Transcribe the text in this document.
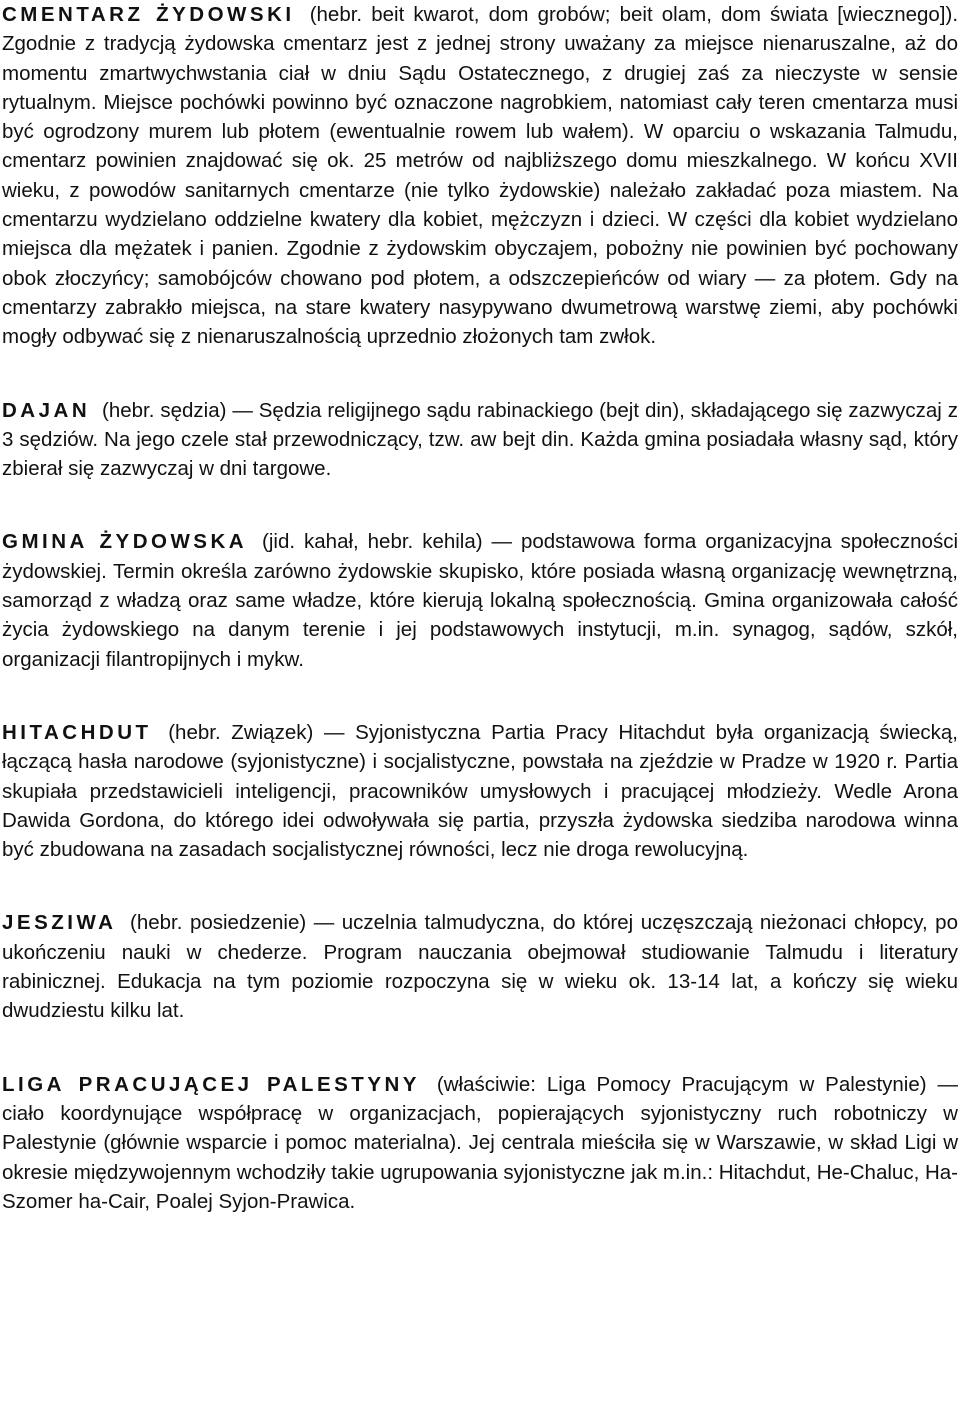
CMENTARZ ŻYDOWSKI (hebr. beit kwarot, dom grobów; beit olam, dom świata [wiecznego]). Zgodnie z tradycją żydowska cmentarz jest z jednej strony uważany za miejsce nienaruszalne, aż do momentu zmartwychwstania ciał w dniu Sądu Ostatecznego, z drugiej zaś za nieczyste w sensie rytualnym. Miejsce pochówki powinno być oznaczone nagrobkiem, natomiast cały teren cmentarza musi być ogrodzony murem lub płotem (ewentualnie rowem lub wałem). W oparciu o wskazania Talmudu, cmentarz powinien znajdować się ok. 25 metrów od najbliższego domu mieszkalnego. W końcu XVII wieku, z powodów sanitarnych cmentarze (nie tylko żydowskie) należało zakładać poza miastem. Na cmentarzu wydzielano oddzielne kwatery dla kobiet, mężczyzn i dzieci. W części dla kobiet wydzielano miejsca dla mężatek i panien. Zgodnie z żydowskim obyczajem, pobożny nie powinien być pochowany obok złoczyńcy; samobójców chowano pod płotem, a odszczepieńców od wiary — za płotem. Gdy na cmentarzy zabrakło miejsca, na stare kwatery nasypywano dwumetrową warstwę ziemi, aby pochówki mogły odbywać się z nienaruszalnością uprzednio złożonych tam zwłok.

DAJAN (hebr. sędzia) — Sędzia religijnego sądu rabinackiego (bejt din), składającego się zazwyczaj z 3 sędziów. Na jego czele stał przewodniczący, tzw. aw bejt din. Każda gmina posiadała własny sąd, który zbierał się zazwyczaj w dni targowe.

GMINA ŻYDOWSKA (jid. kahał, hebr. kehila) — podstawowa forma organizacyjna społeczności żydowskiej. Termin określa zarówno żydowskie skupisko, które posiada własną organizację wewnętrzną, samorząd z władzą oraz same władze, które kierują lokalną społecznością. Gmina organizowała całość życia żydowskiego na danym terenie i jej podstawowych instytucji, m.in. synagog, sądów, szkół, organizacji filantropijnych i mykw.

HITACHDUT (hebr. Związek) — Syjonistyczna Partia Pracy Hitachdut była organizacją świecką, łączącą hasła narodowe (syjonistyczne) i socjalistyczne, powstała na zjeździe w Pradze w 1920 r. Partia skupiała przedstawicieli inteligencji, pracowników umysłowych i pracującej młodzieży. Wedle Arona Dawida Gordona, do którego idei odwoływała się partia, przyszła żydowska siedziba narodowa winna być zbudowana na zasadach socjalistycznej równości, lecz nie droga rewolucyjną.

JESZIWA (hebr. posiedzenie) — uczelnia talmudyczna, do której uczęszczają nieżonaci chłopcy, po ukończeniu nauki w chederze. Program nauczania obejmował studiowanie Talmudu i literatury rabinicznej. Edukacja na tym poziomie rozpoczyna się w wieku ok. 13-14 lat, a kończy się wieku dwudziestu kilku lat.

LIGA PRACUJĄCEJ PALESTYNY (właściwie: Liga Pomocy Pracującym w Palestynie) — ciało koordynujące współpracę w organizacjach, popierających syjonistyczny ruch robotniczy w Palestynie (głównie wsparcie i pomoc materialna). Jej centrala mieściła się w Warszawie, w skład Ligi w okresie międzywojennym wchodziły takie ugrupowania syjonistyczne jak m.in.: Hitachdut, He-Chaluc, Ha-Szomer ha-Cair, Poalej Syjon-Prawica.
